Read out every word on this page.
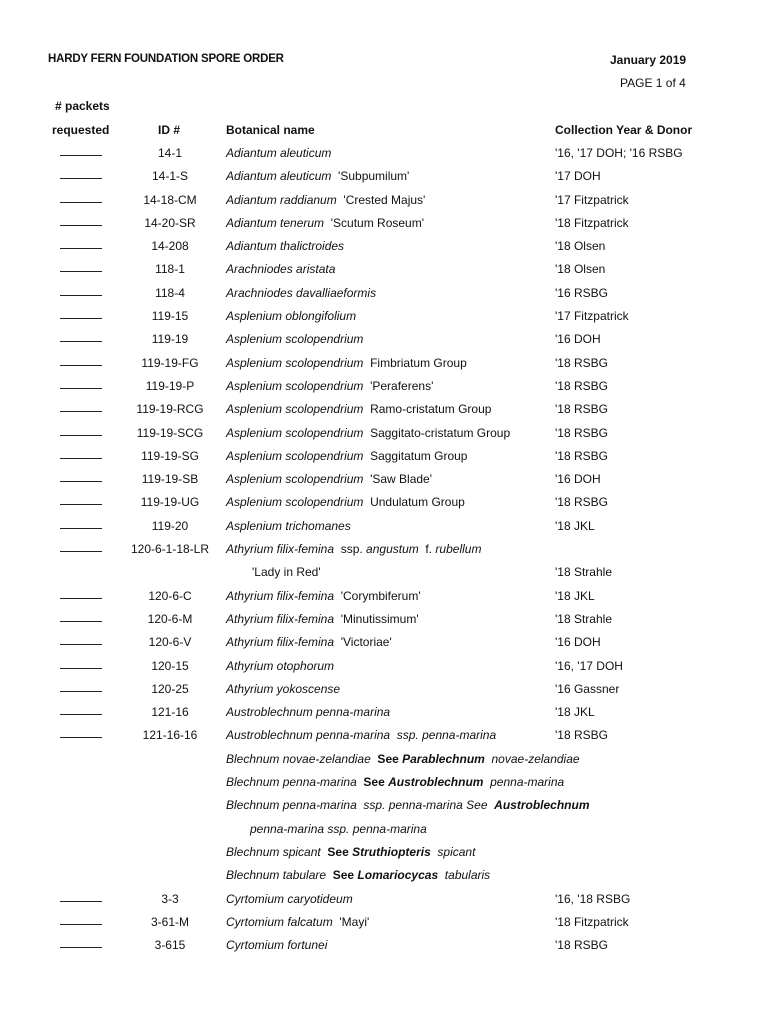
HARDY FERN FOUNDATION SPORE ORDER	January 2019
PAGE 1 of 4
# packets
requested	ID #	Botanical name	Collection Year & Donor
14-1	Adiantum aleuticum	'16, '17 DOH; '16 RSBG
14-1-S	Adiantum aleuticum  'Subpumilum'	'17 DOH
14-18-CM	Adiantum raddianum  'Crested Majus'	'17 Fitzpatrick
14-20-SR	Adiantum tenerum  'Scutum Roseum'	'18 Fitzpatrick
14-208	Adiantum thalictroides	'18 Olsen
118-1	Arachniodes aristata	'18 Olsen
118-4	Arachniodes davalliaeformis	'16 RSBG
119-15	Asplenium oblongifolium	'17 Fitzpatrick
119-19	Asplenium scolopendrium	'16 DOH
119-19-FG	Asplenium scolopendrium  Fimbriatum Group	'18 RSBG
119-19-P	Asplenium scolopendrium  'Peraferens'	'18 RSBG
119-19-RCG	Asplenium scolopendrium  Ramo-cristatum Group	'18 RSBG
119-19-SCG	Asplenium scolopendrium  Saggitato-cristatum Group	'18 RSBG
119-19-SG	Asplenium scolopendrium  Saggitatum Group	'18 RSBG
119-19-SB	Asplenium scolopendrium  'Saw Blade'	'16 DOH
119-19-UG	Asplenium scolopendrium  Undulatum Group	'18 RSBG
119-20	Asplenium trichomanes	'18 JKL
120-6-1-18-LR	Athyrium filix-femina  ssp. angustum  f. rubellum
'Lady in Red'	'18 Strahle
120-6-C	Athyrium filix-femina  'Corymbiferum'	'18 JKL
120-6-M	Athyrium filix-femina  'Minutissimum'	'18 Strahle
120-6-V	Athyrium filix-femina  'Victoriae'	'16 DOH
120-15	Athyrium otophorum	'16, '17 DOH
120-25	Athyrium yokoscense	'16 Gassner
121-16	Austroblechnum penna-marina	'18 JKL
121-16-16	Austroblechnum penna-marina  ssp. penna-marina	'18 RSBG
Blechnum novae-zelandiae  See Parablechnum  novae-zelandiae
Blechnum penna-marina  See Austroblechnum  penna-marina
Blechnum penna-marina  ssp. penna-marina See  Austroblechnum
penna-marina ssp. penna-marina
Blechnum spicant  See Struthiopteris  spicant
Blechnum tabulare  See Lomariocycas  tabularis
3-3	Cyrtomium caryotideum	'16, '18 RSBG
3-61-M	Cyrtomium falcatum  'Mayi'	'18 Fitzpatrick
3-615	Cyrtomium fortunei	'18 RSBG
